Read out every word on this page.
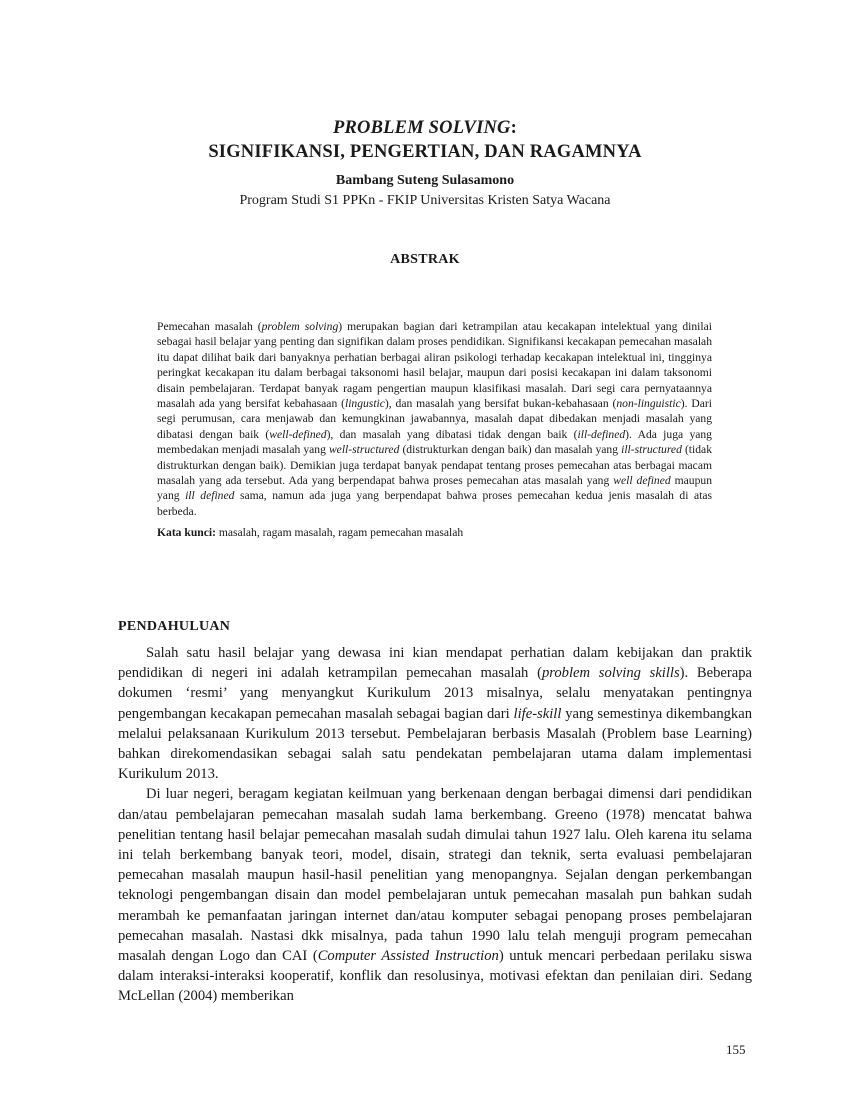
PROBLEM SOLVING:
SIGNIFIKANSI, PENGERTIAN, DAN RAGAMNYA
Bambang Suteng Sulasamono
Program Studi S1 PPKn - FKIP Universitas Kristen Satya Wacana
ABSTRAK

Pemecahan masalah (problem solving) merupakan bagian dari ketrampilan atau kecakapan intelektual yang dinilai sebagai hasil belajar yang penting dan signifikan dalam proses pendidikan. Signifikansi kecakapan pemecahan masalah itu dapat dilihat baik dari banyaknya perhatian berbagai aliran psikologi terhadap kecakapan intelektual ini, tingginya peringkat kecakapan itu dalam berbagai taksonomi hasil belajar, maupun dari posisi kecakapan ini dalam taksonomi disain pembelajaran. Terdapat banyak ragam pengertian maupun klasifikasi masalah. Dari segi cara pernyataannya masalah ada yang bersifat kebahasaan (lingustic), dan masalah yang bersifat bukan-kebahasaan (non-linguistic). Dari segi perumusan, cara menjawab dan kemungkinan jawabannya, masalah dapat dibedakan menjadi masalah yang dibatasi dengan baik (well-defined), dan masalah yang dibatasi tidak dengan baik (ill-defined). Ada juga yang membedakan menjadi masalah yang well-structured (distrukturkan dengan baik) dan masalah yang ill-structured (tidak distrukturkan dengan baik). Demikian juga terdapat banyak pendapat tentang proses pemecahan atas berbagai macam masalah yang ada tersebut. Ada yang berpendapat bahwa proses pemecahan atas masalah yang well defined maupun yang ill defined sama, namun ada juga yang berpendapat bahwa proses pemecahan kedua jenis masalah di atas berbeda.

Kata kunci: masalah, ragam masalah, ragam pemecahan masalah

PENDAHULUAN

Salah satu hasil belajar yang dewasa ini kian mendapat perhatian dalam kebijakan dan praktik pendidikan di negeri ini adalah ketrampilan pemecahan masalah (problem solving skills). Beberapa dokumen ‘resmi’ yang menyangkut Kurikulum 2013 misalnya, selalu menyatakan pentingnya pengembangan kecakapan pemecahan masalah sebagai bagian dari life-skill yang semestinya dikembangkan melalui pelaksanaan Kurikulum 2013 tersebut. Pembelajaran berbasis Masalah (Problem base Learning) bahkan direkomendasikan sebagai salah satu pendekatan pembelajaran utama dalam implementasi Kurikulum 2013.

Di luar negeri, beragam kegiatan keilmuan yang berkenaan dengan berbagai dimensi dari pendidikan dan/atau pembelajaran pemecahan masalah sudah lama berkembang. Greeno (1978) mencatat bahwa penelitian tentang hasil belajar pemecahan masalah sudah dimulai tahun 1927 lalu. Oleh karena itu selama ini telah berkembang banyak teori, model, disain, strategi dan teknik, serta evaluasi pembelajaran pemecahan masalah maupun hasil-hasil penelitian yang menopangnya. Sejalan dengan perkembangan teknologi pengembangan disain dan model pembelajaran untuk pemecahan masalah pun bahkan sudah merambah ke pemanfaatan jaringan internet dan/atau komputer sebagai penopang proses pembelajaran pemecahan masalah. Nastasi dkk misalnya, pada tahun 1990 lalu telah menguji program pemecahan masalah dengan Logo dan CAI (Computer Assisted Instruction) untuk mencari perbedaan perilaku siswa dalam interaksi-interaksi kooperatif, konflik dan resolusinya, motivasi efektan dan penilaian diri. Sedang McLellan (2004) memberikan

155
